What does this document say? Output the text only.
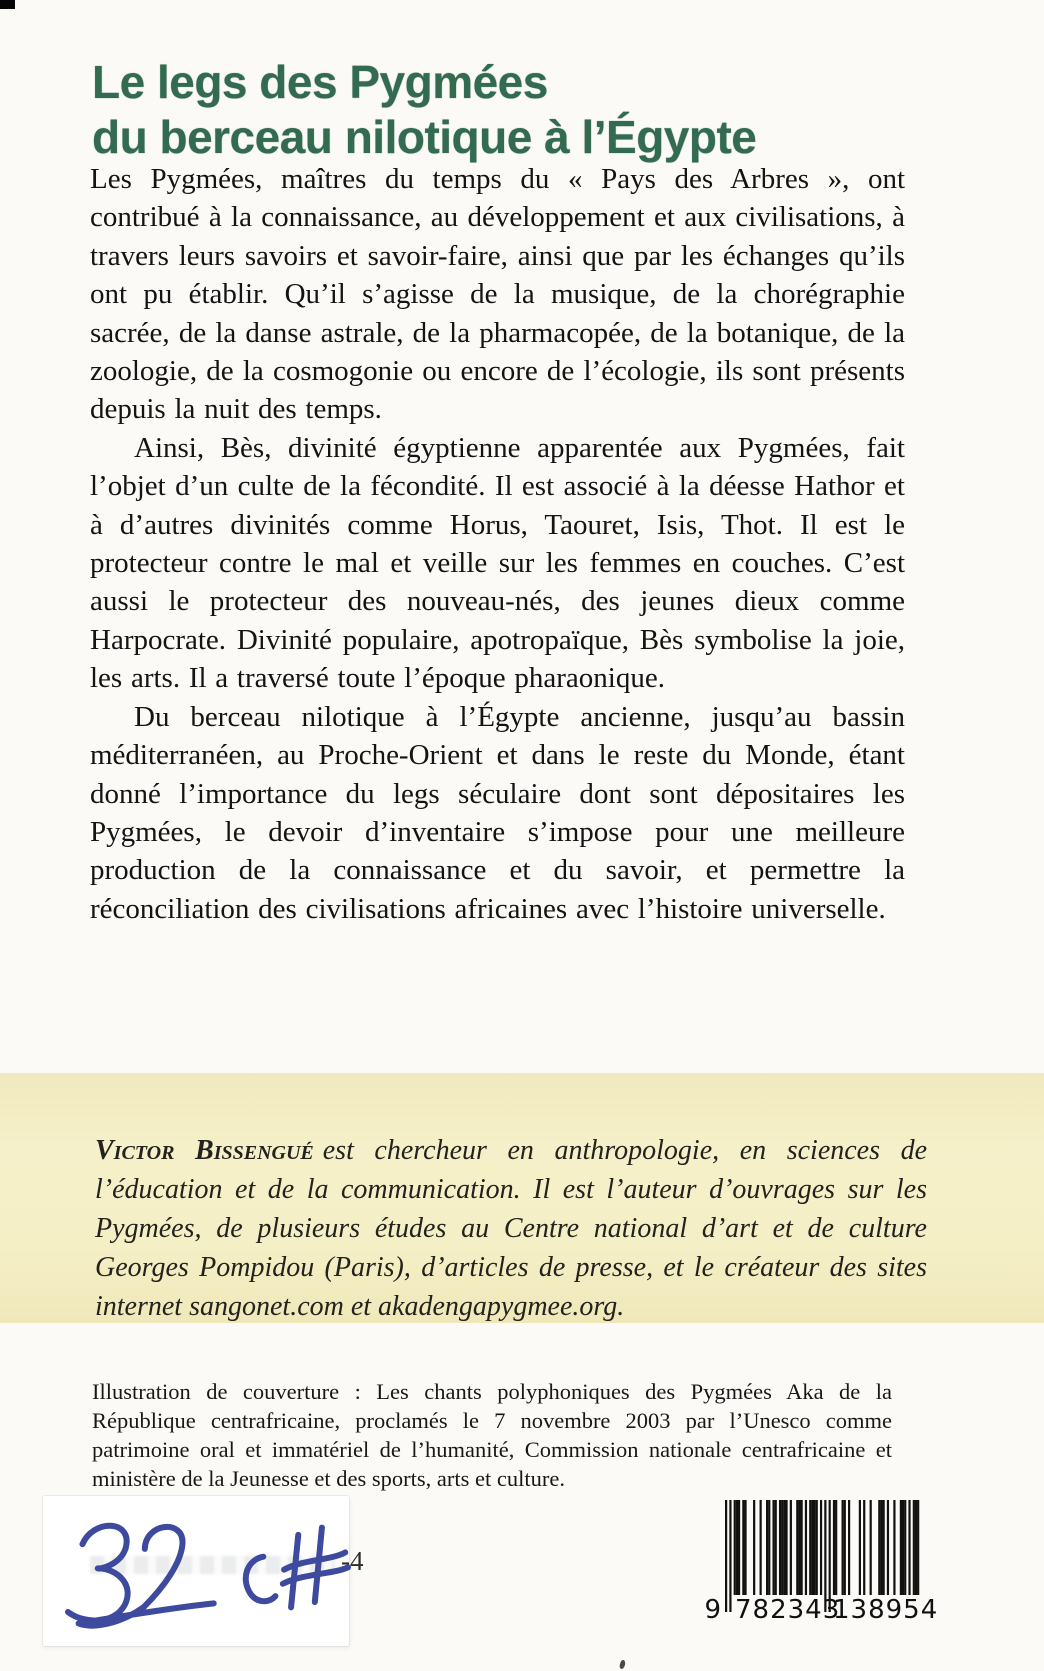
Le legs des Pygmées
du berceau nilotique à l’Égypte

Les Pygmées, maîtres du temps du « Pays des Arbres », ont contribué à la connaissance, au développement et aux civilisations, à travers leurs savoirs et savoir-faire, ainsi que par les échanges qu’ils ont pu établir. Qu’il s’agisse de la musique, de la chorégraphie sacrée, de la danse astrale, de la pharmacopée, de la botanique, de la zoologie, de la cosmogonie ou encore de l’écologie, ils sont présents depuis la nuit des temps.

Ainsi, Bès, divinité égyptienne apparentée aux Pygmées, fait l’objet d’un culte de la fécondité. Il est associé à la déesse Hathor et à d’autres divinités comme Horus, Taouret, Isis, Thot. Il est le protecteur contre le mal et veille sur les femmes en couches. C’est aussi le protecteur des nouveau-nés, des jeunes dieux comme Harpocrate. Divinité populaire, apotropaïque, Bès symbolise la joie, les arts. Il a traversé toute l’époque pharaonique.

Du berceau nilotique à l’Égypte ancienne, jusqu’au bassin méditerranéen, au Proche-Orient et dans le reste du Monde, étant donné l’importance du legs séculaire dont sont dépositaires les Pygmées, le devoir d’inventaire s’impose pour une meilleure production de la connaissance et du savoir, et permettre la réconciliation des civilisations africaines avec l’histoire universelle.

Victor Bissengué est chercheur en anthropologie, en sciences de l’éducation et de la communication. Il est l’auteur d’ouvrages sur les Pygmées, de plusieurs études au Centre national d’art et de culture Georges Pompidou (Paris), d’articles de presse, et le créateur des sites internet sangonet.com et akadengapygmee.org.

Illustration de couverture : Les chants polyphoniques des Pygmées Aka de la République centrafricaine, proclamés le 7 novembre 2003 par l’Unesco comme patrimoine oral et immatériel de l’humanité, Commission nationale centrafricaine et ministère de la Jeunesse et des sports, arts et culture.

9 782343
138954
-4
